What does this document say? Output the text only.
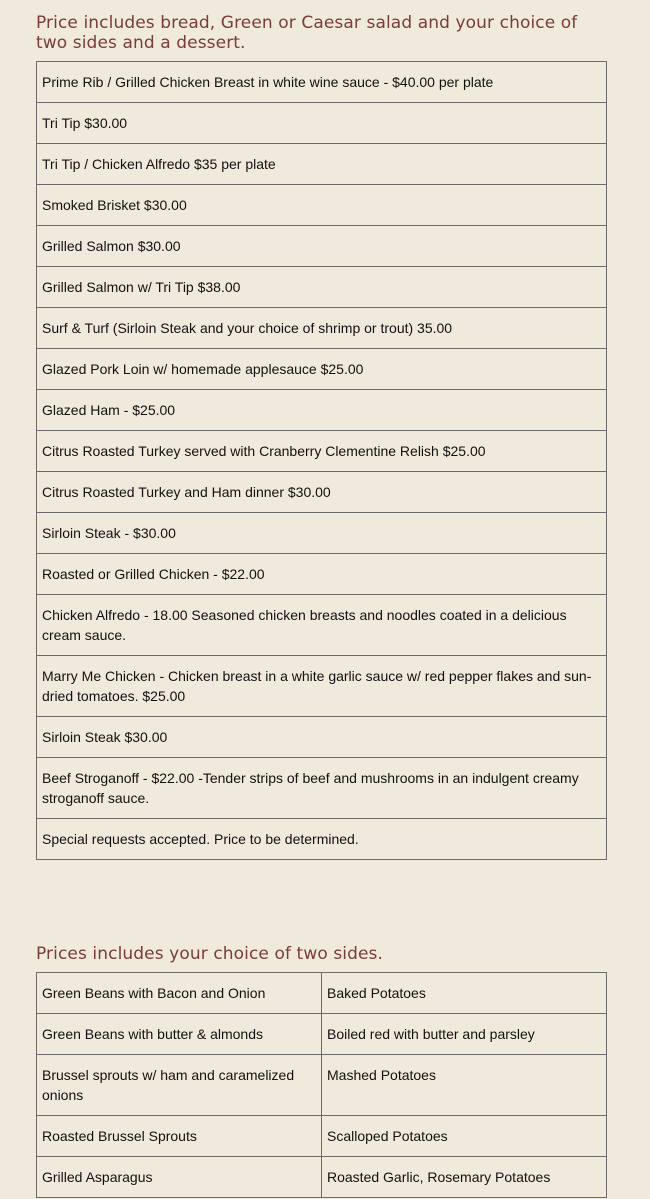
Price includes bread, Green or Caesar salad and your choice of two sides and a dessert.
Prime Rib / Grilled Chicken Breast in white wine sauce - $40.00 per plate
Tri Tip $30.00
Tri Tip / Chicken Alfredo $35 per plate
Smoked Brisket $30.00
Grilled Salmon $30.00
Grilled Salmon w/ Tri Tip $38.00
Surf & Turf (Sirloin Steak and your choice of shrimp or trout) 35.00
Glazed Pork Loin w/ homemade applesauce $25.00
Glazed Ham - $25.00
Citrus Roasted Turkey served with Cranberry Clementine Relish $25.00
Citrus Roasted Turkey and Ham dinner $30.00
Sirloin Steak - $30.00
Roasted or Grilled Chicken - $22.00
Chicken Alfredo - 18.00 Seasoned chicken breasts and noodles coated in a delicious cream sauce.
Marry Me Chicken - Chicken breast in a white garlic sauce w/ red pepper flakes and sun-dried tomatoes. $25.00
Sirloin Steak $30.00
Beef Stroganoff - $22.00 -Tender strips of beef and mushrooms in an indulgent creamy stroganoff sauce.
Special requests accepted. Price to be determined.
Prices includes your choice of two sides.
Green Beans with Bacon and Onion	Baked Potatoes
Green Beans with butter & almonds	Boiled red with butter and parsley
Brussel sprouts w/ ham and caramelized onions	Mashed Potatoes
Roasted Brussel Sprouts	Scalloped Potatoes
Grilled Asparagus	Roasted Garlic, Rosemary Potatoes
